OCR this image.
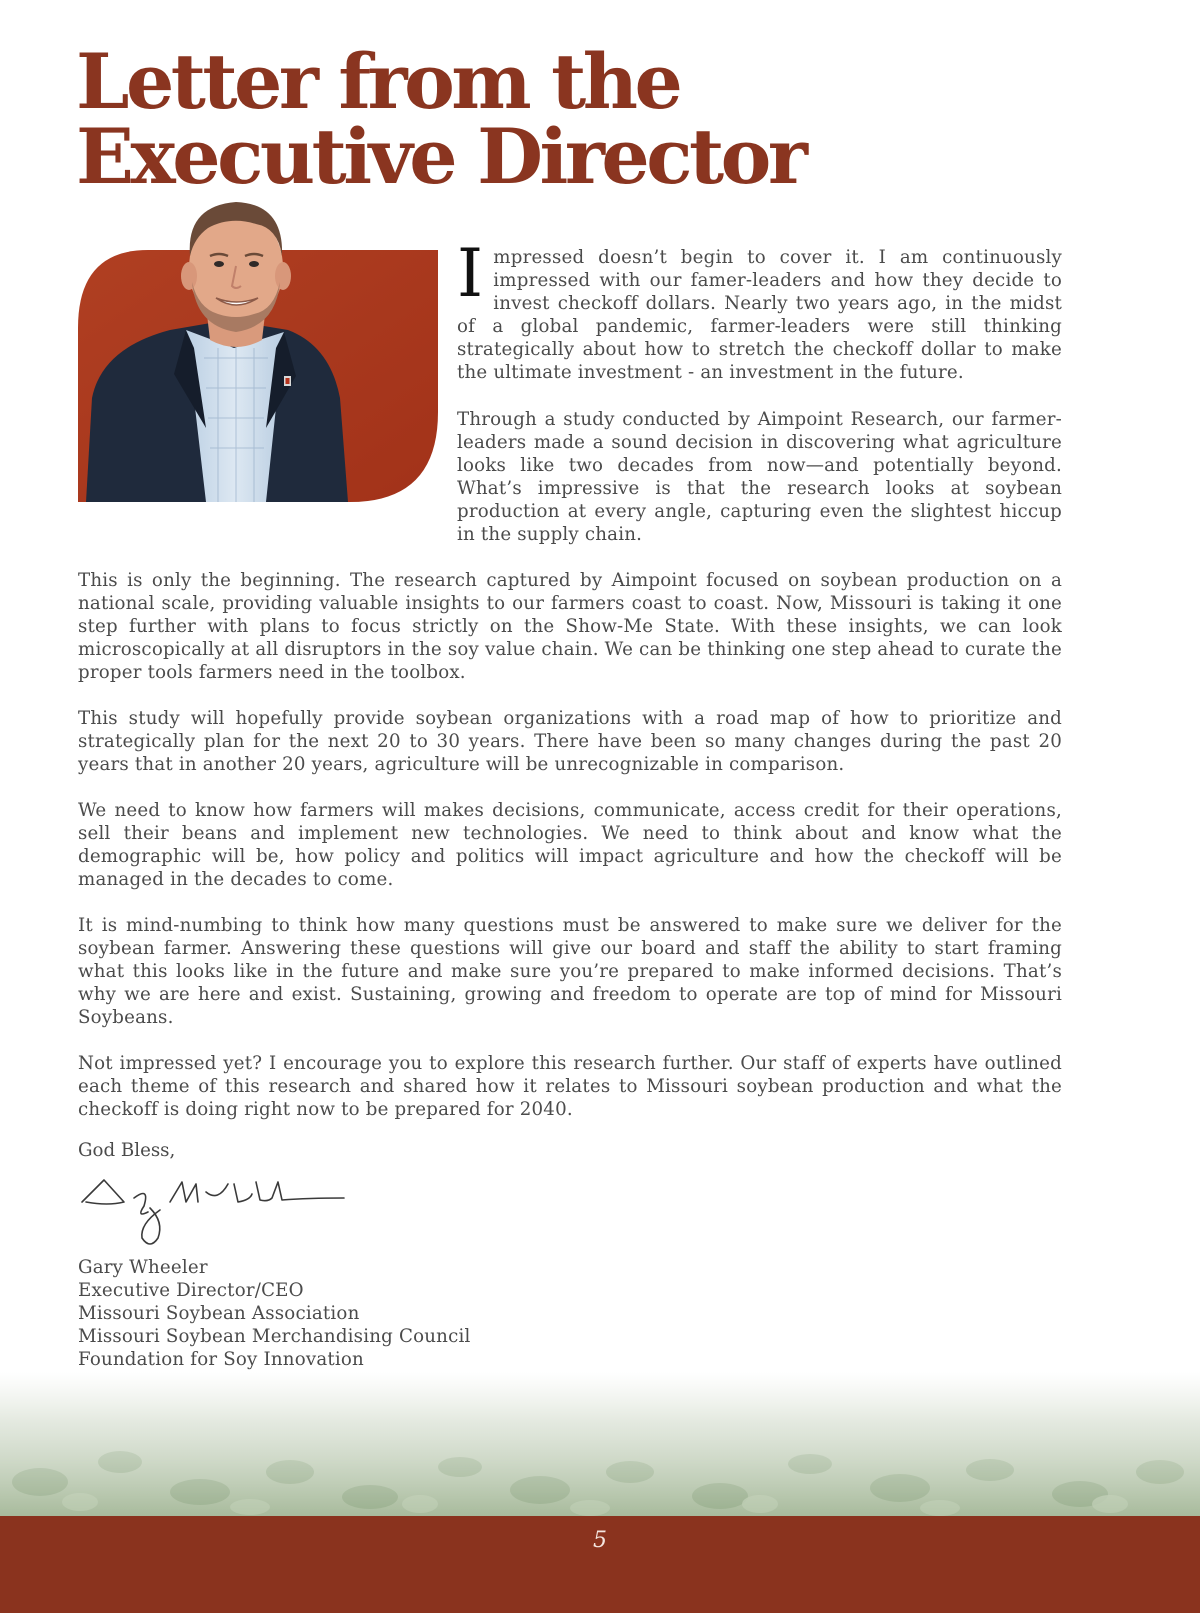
Letter from the
Executive Director

Impressed doesn’t begin to cover it. I am continuously impressed with our famer-leaders and how they decide to invest checkoff dollars. Nearly two years ago, in the midst of a global pandemic, farmer-leaders were still thinking strategically about how to stretch the checkoff dollar to make the ultimate investment - an investment in the future.

Through a study conducted by Aimpoint Research, our farmer-leaders made a sound decision in discovering what agriculture looks like two decades from now—and potentially beyond. What’s impressive is that the research looks at soybean production at every angle, capturing even the slightest hiccup in the supply chain.

This is only the beginning. The research captured by Aimpoint focused on soybean production on a national scale, providing valuable insights to our farmers coast to coast. Now, Missouri is taking it one step further with plans to focus strictly on the Show-Me State. With these insights, we can look microscopically at all disruptors in the soy value chain. We can be thinking one step ahead to curate the proper tools farmers need in the toolbox.

This study will hopefully provide soybean organizations with a road map of how to prioritize and strategically plan for the next 20 to 30 years. There have been so many changes during the past 20 years that in another 20 years, agriculture will be unrecognizable in comparison.

We need to know how farmers will makes decisions, communicate, access credit for their operations, sell their beans and implement new technologies. We need to think about and know what the demographic will be, how policy and politics will impact agriculture and how the checkoff will be managed in the decades to come.

It is mind-numbing to think how many questions must be answered to make sure we deliver for the soybean farmer. Answering these questions will give our board and staff the ability to start framing what this looks like in the future and make sure you’re prepared to make informed decisions. That’s why we are here and exist. Sustaining, growing and freedom to operate are top of mind for Missouri Soybeans.

Not impressed yet? I encourage you to explore this research further. Our staff of experts have outlined each theme of this research and shared how it relates to Missouri soybean production and what the checkoff is doing right now to be prepared for 2040.

God Bless,

Gary Wheeler
Executive Director/CEO
Missouri Soybean Association
Missouri Soybean Merchandising Council
Foundation for Soy Innovation
5
